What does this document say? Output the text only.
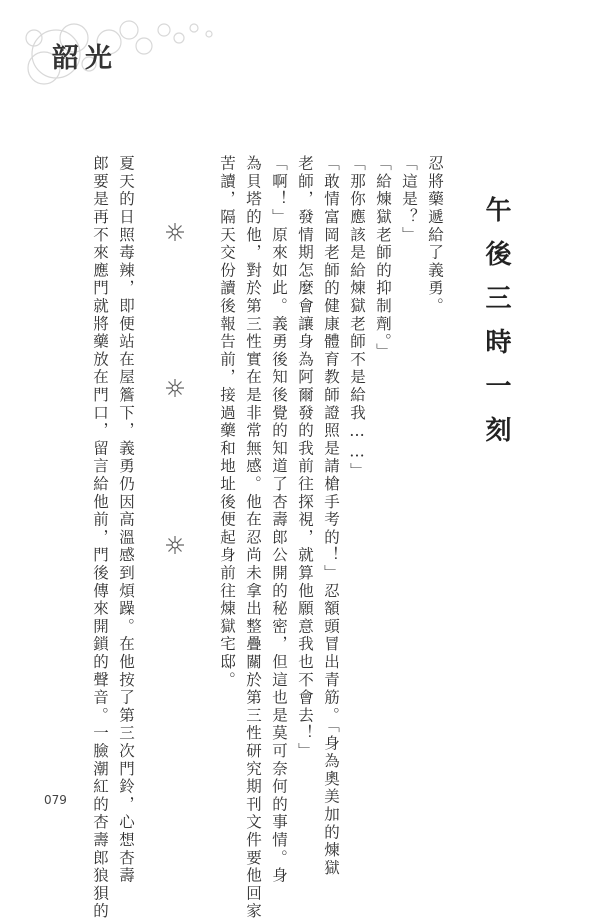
韶光
午後三時一刻
忍將藥遞給了義勇。
「這是？」
「給煉獄老師的抑制劑。」
「那你應該是給煉獄老師不是給我……」
「敢情富岡老師的健康體育教師證照是請槍手考的！」忍額頭冒出青筋。「身為奧美加的煉獄
老師，發情期怎麼會讓身為阿爾發的我前往探視，就算他願意我也不會去！」
「啊！」原來如此。義勇後知後覺的知道了杏壽郎公開的秘密，但這也是莫可奈何的事情。身
為貝塔的他，對於第三性實在是非常無感。他在忍尚未拿出整疊關於第三性研究期刊文件要他回家
苦讀，隔天交份讀後報告前，接過藥和地址後便起身前往煉獄宅邸。
夏天的日照毒辣，即便站在屋簷下，義勇仍因高溫感到煩躁。在他按了第三次門鈴，心想杏壽
郎要是再不來應門就將藥放在門口，留言給他前，門後傳來開鎖的聲音。一臉潮紅的杏壽郎狼狽的
079
